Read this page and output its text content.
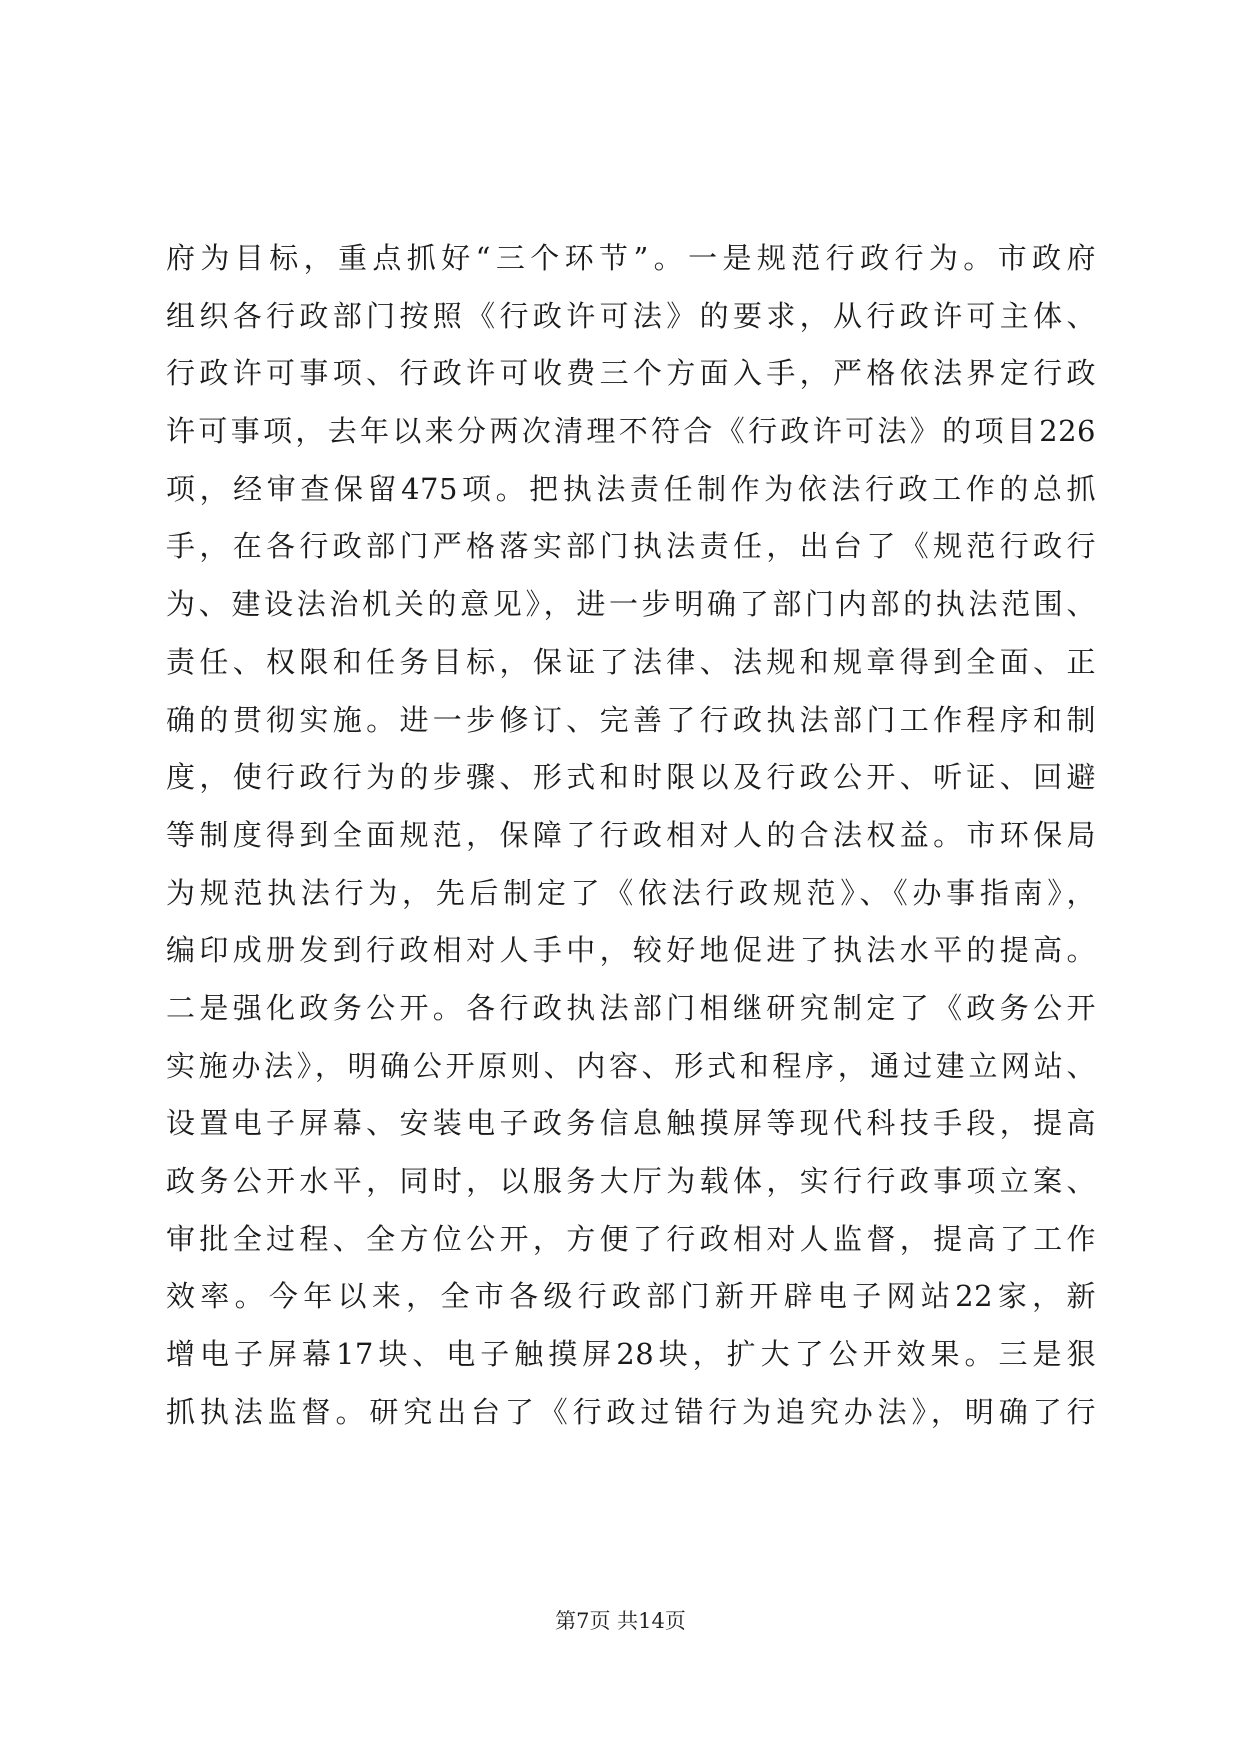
府为目标，重点抓好“三个环节”。一是规范行政行为。市政府
组织各行政部门按照《行政许可法》的要求，从行政许可主体、
行政许可事项、行政许可收费三个方面入手，严格依法界定行政
许可事项，去年以来分两次清理不符合《行政许可法》的项目226
项，经审查保留475项。把执法责任制作为依法行政工作的总抓
手，在各行政部门严格落实部门执法责任，出台了《规范行政行
为、建设法治机关的意见》，进一步明确了部门内部的执法范围、
责任、权限和任务目标，保证了法律、法规和规章得到全面、正
确的贯彻实施。进一步修订、完善了行政执法部门工作程序和制
度，使行政行为的步骤、形式和时限以及行政公开、听证、回避
等制度得到全面规范，保障了行政相对人的合法权益。市环保局
为规范执法行为，先后制定了《依法行政规范》、《办事指南》，
编印成册发到行政相对人手中，较好地促进了执法水平的提高。
二是强化政务公开。各行政执法部门相继研究制定了《政务公开
实施办法》，明确公开原则、内容、形式和程序，通过建立网站、
设置电子屏幕、安装电子政务信息触摸屏等现代科技手段，提高
政务公开水平，同时，以服务大厅为载体，实行行政事项立案、
审批全过程、全方位公开，方便了行政相对人监督，提高了工作
效率。今年以来，全市各级行政部门新开辟电子网站22家，新
增电子屏幕17块、电子触摸屏28块，扩大了公开效果。三是狠
抓执法监督。研究出台了《行政过错行为追究办法》，明确了行
第7页 共14页
